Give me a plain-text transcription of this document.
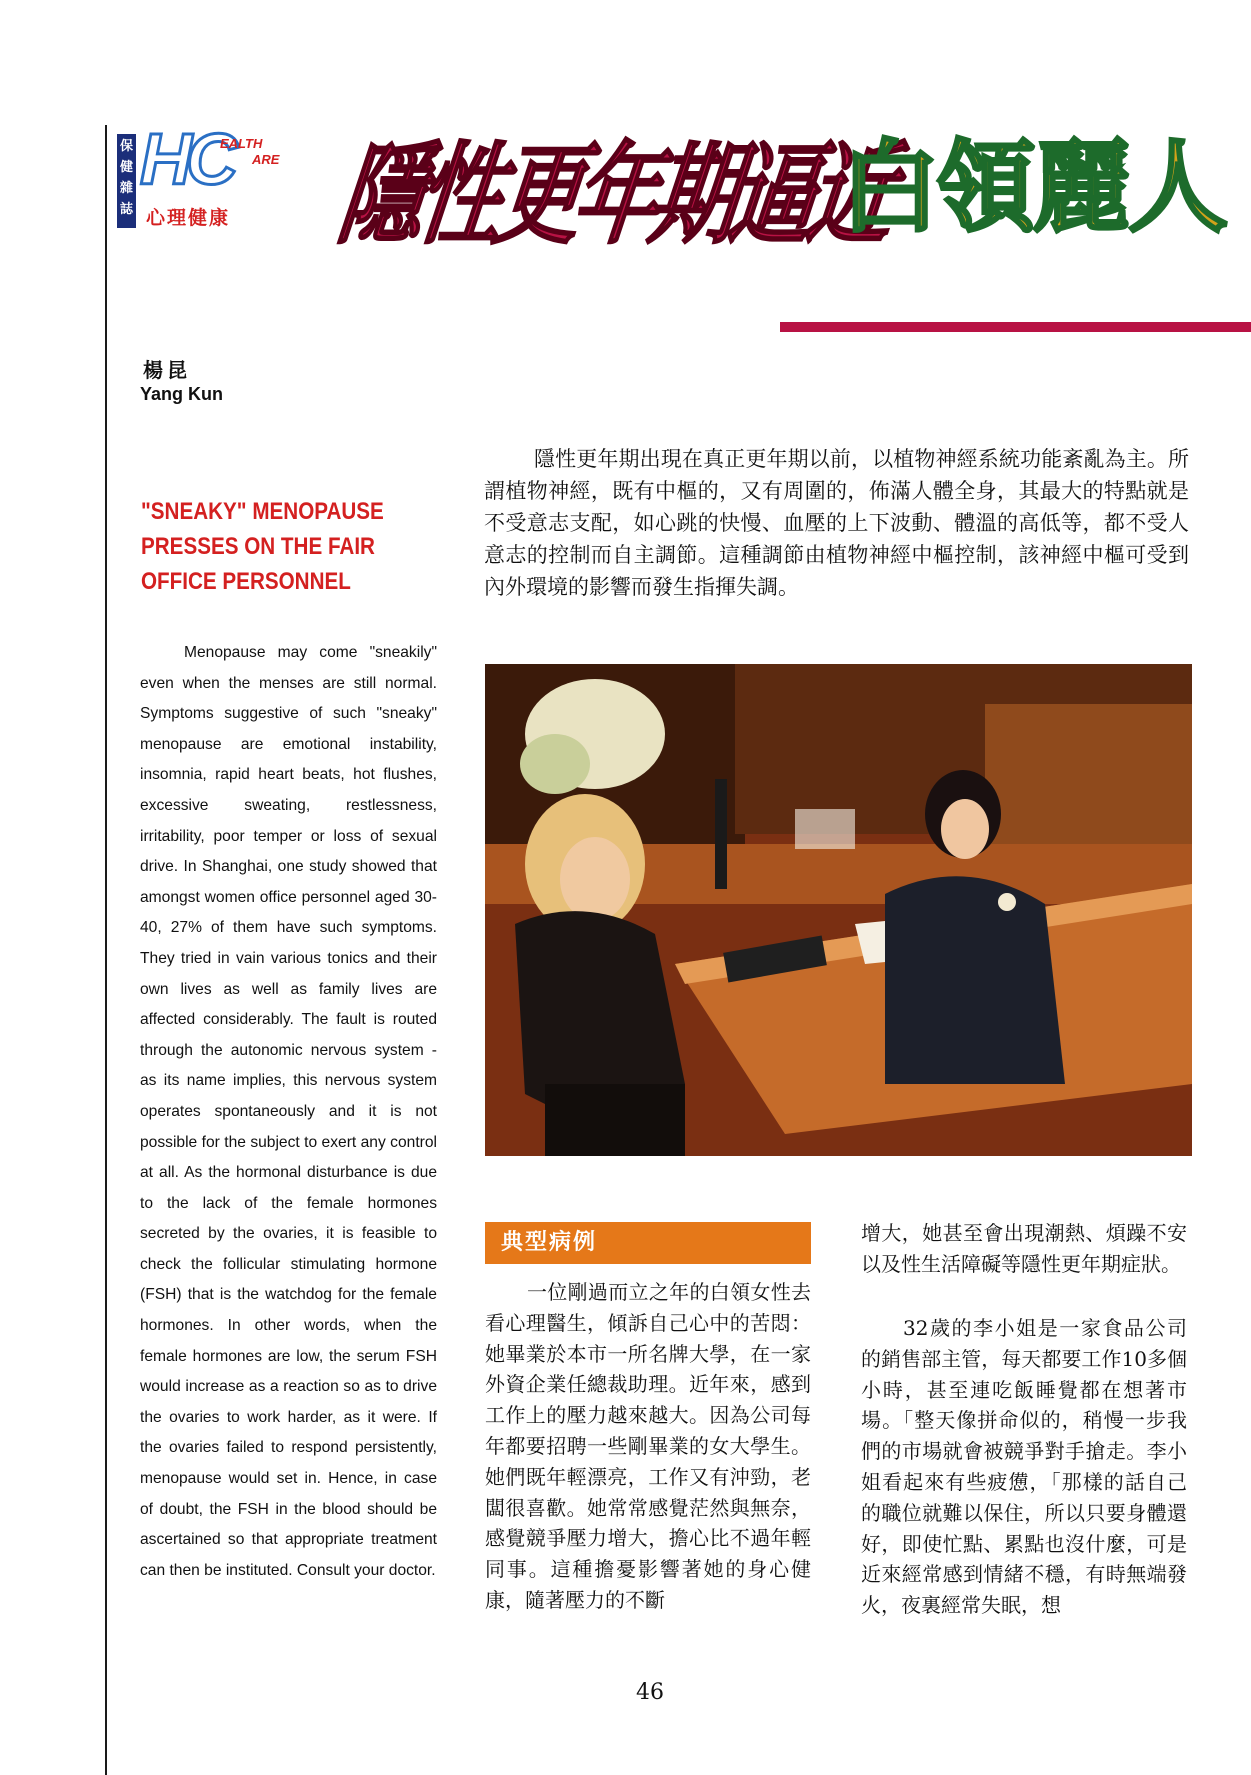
保健雜誌
HC
EALTH
ARE
心理健康 隱性更年期逼近
白領麗人
楊昆
Yang Kun
"SNEAKY" MENOPAUSE PRESSES ON THE FAIR OFFICE PERSONNEL
Menopause may come "sneakily" even when the menses are still normal. Symptoms suggestive of such "sneaky" menopause are emotional instability, insomnia, rapid heart beats, hot flushes, excessive sweating, restlessness, irritability, poor temper or loss of sexual drive. In Shanghai, one study showed that amongst women office personnel aged 30-40, 27% of them have such symptoms. They tried in vain various tonics and their own lives as well as family lives are affected considerably. The fault is routed through the autonomic nervous system - as its name implies, this nervous system operates spontaneously and it is not possible for the subject to exert any control at all. As the hormonal disturbance is due to the lack of the female hormones secreted by the ovaries, it is feasible to check the follicular stimulating hormone (FSH) that is the watchdog for the female hormones. In other words, when the female hormones are low, the serum FSH would increase as a reaction so as to drive the ovaries to work harder, as it were. If the ovaries failed to respond persistently, menopause would set in. Hence, in case of doubt, the FSH in the blood should be ascertained so that appropriate treatment can then be instituted. Consult your doctor.
隱性更年期出現在真正更年期以前，以植物神經系統功能紊亂為主。所謂植物神經，既有中樞的，又有周圍的，佈滿人體全身，其最大的特點就是不受意志支配，如心跳的快慢、血壓的上下波動、體溫的高低等，都不受人意志的控制而自主調節。這種調節由植物神經中樞控制，該神經中樞可受到內外環境的影響而發生指揮失調。
典型病例
一位剛過而立之年的白領女性去看心理醫生，傾訴自己心中的苦悶：她畢業於本市一所名牌大學，在一家外資企業任總裁助理。近年來，感到工作上的壓力越來越大。因為公司每年都要招聘一些剛畢業的女大學生。她們既年輕漂亮，工作又有沖勁，老闆很喜歡。她常常感覺茫然與無奈，感覺競爭壓力增大，擔心比不過年輕同事。這種擔憂影響著她的身心健康，隨著壓力的不斷
增大，她甚至會出現潮熱、煩躁不安以及性生活障礙等隱性更年期症狀。
32歲的李小姐是一家食品公司的銷售部主管，每天都要工作10多個小時，甚至連吃飯睡覺都在想著市場。「整天像拼命似的，稍慢一步我們的市場就會被競爭對手搶走。李小姐看起來有些疲憊，「那樣的話自己的職位就難以保住，所以只要身體還好，即使忙點、累點也沒什麼，可是近來經常感到情緒不穩，有時無端發火，夜裏經常失眠，想
46
